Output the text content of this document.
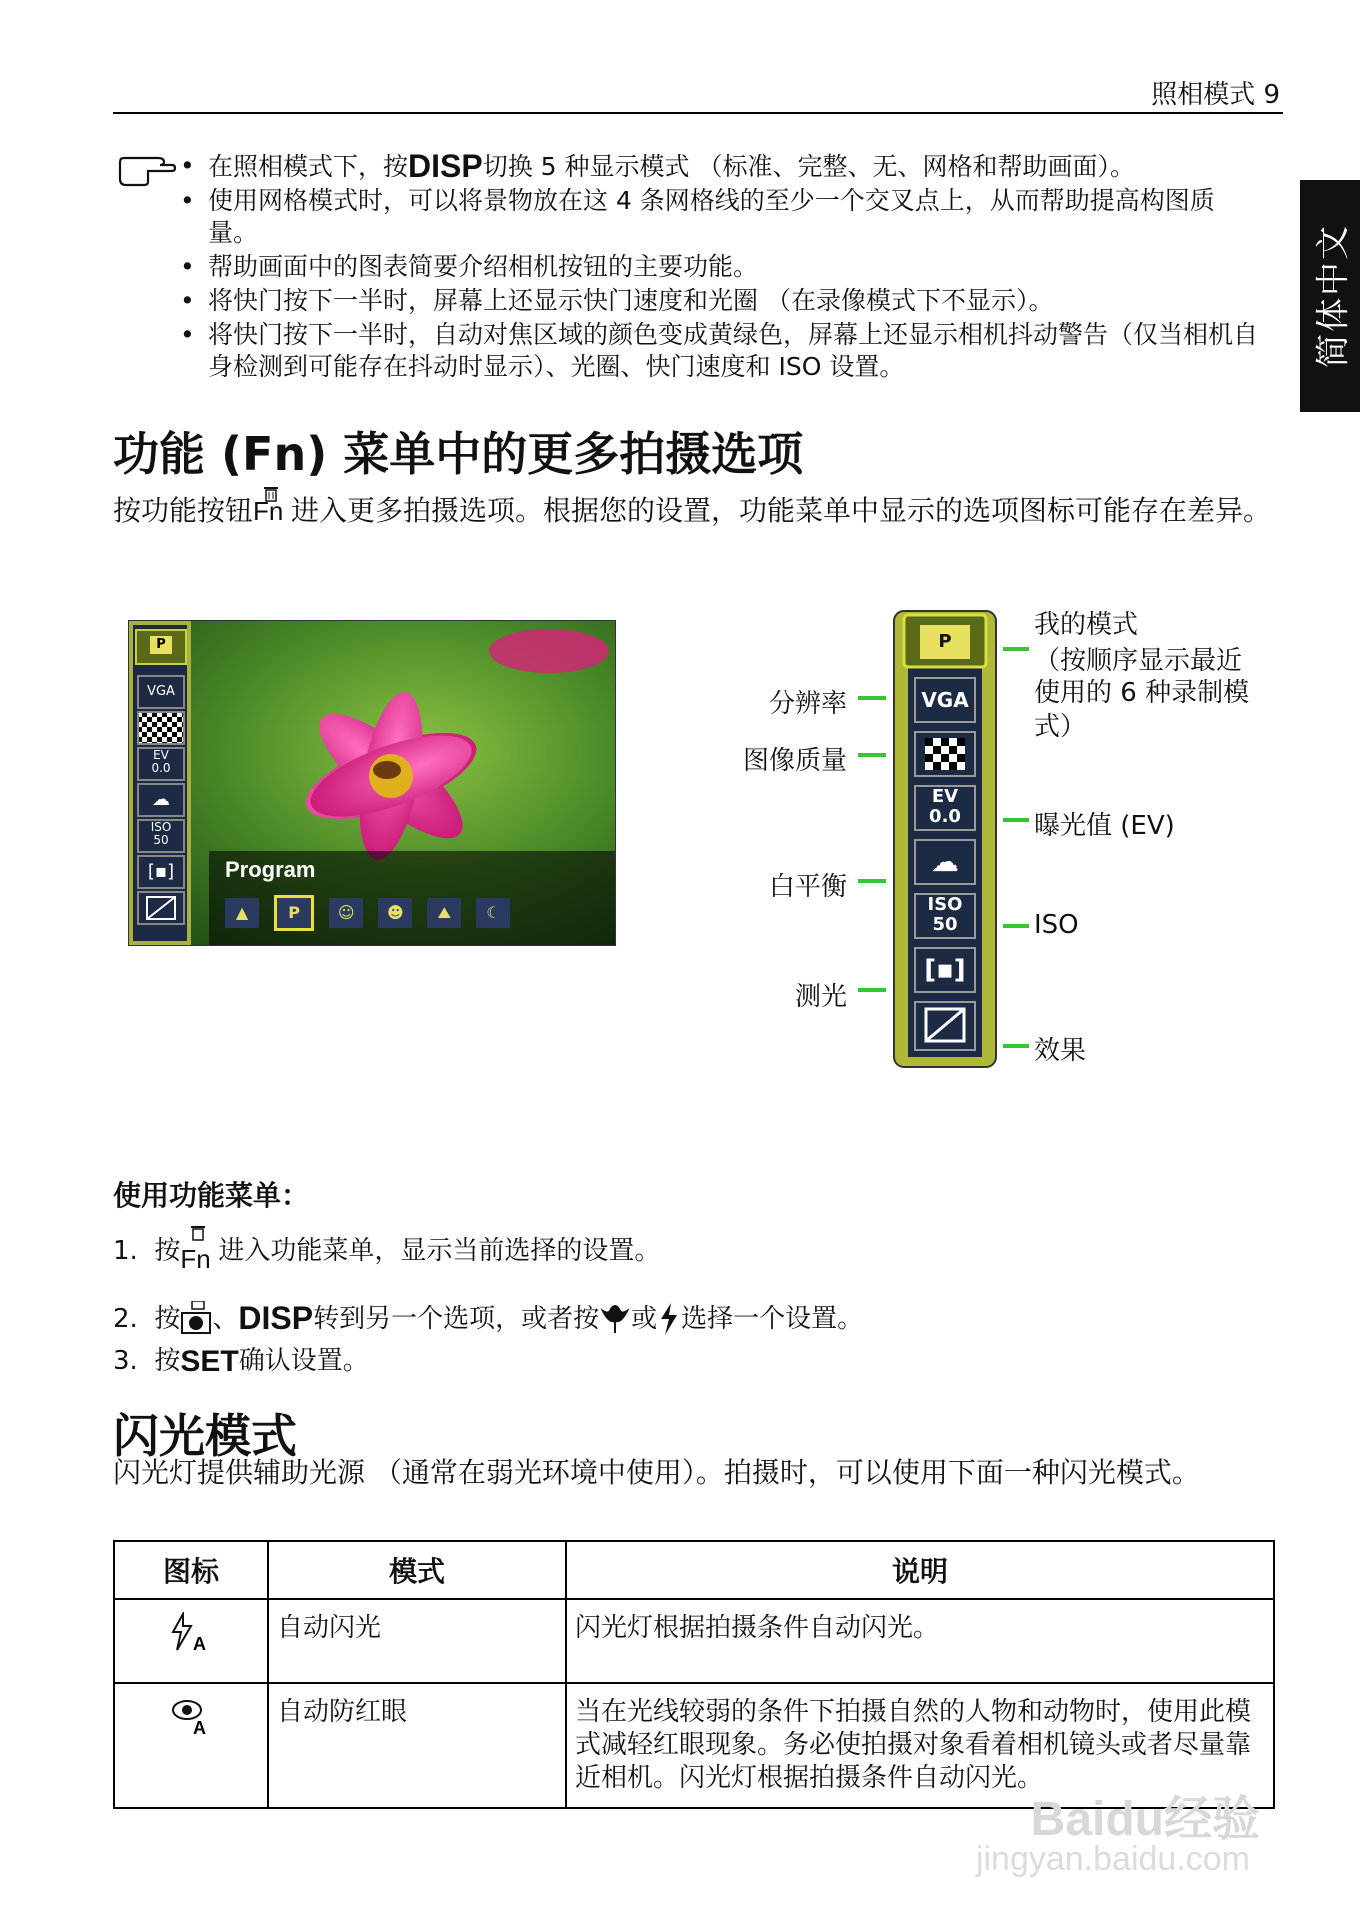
照相模式 9
简体中文
• 在照相模式下，按DISP切换 5 种显示模式 （标准、完整、无、网格和帮助画面）。
• 使用网格模式时，可以将景物放在这 4 条网格线的至少一个交叉点上，从而帮助提高构图质量。
• 帮助画面中的图表简要介绍相机按钮的主要功能。
• 将快门按下一半时，屏幕上还显示快门速度和光圈 （在录像模式下不显示）。
• 将快门按下一半时，自动对焦区域的颜色变成黄绿色，屏幕上还显示相机抖动警告（仅当相机自身检测到可能存在抖动时显示）、光圈、快门速度和 ISO 设置。
功能 (Fn) 菜单中的更多拍摄选项
按功能按钮 Fn 进入更多拍摄选项。根据您的设置，功能菜单中显示的选项图标可能存在差异。
P
VGA
EV
0.0
☁
ISO
50
[▪]	Program
▲	P ☺ ☻ ⛰ ☾
P
VGA
EV
0.0
☁
ISO
50
[▪]
分辨率
图像质量
白平衡
测光
我的模式
（按顺序显示最近
使用的 6 种录制模
式）
曝光值 (EV)
ISO
效果
使用功能菜单：
1. 按 Fn 进入功能菜单，显示当前选择的设置。
2. 按 、DISP转到另一个选项，或者按 或 选择一个设置。
3. 按SET确认设置。
闪光模式
闪光灯提供辅助光源 （通常在弱光环境中使用）。拍摄时，可以使用下面一种闪光模式。
图标	模式	说明

A	自动闪光	闪光灯根据拍摄条件自动闪光。

A	自动防红眼	当在光线较弱的条件下拍摄自然的人物和动物时，使用此模式减轻红眼现象。务必使拍摄对象看着相机镜头或者尽量靠近相机。闪光灯根据拍摄条件自动闪光。
Baidu经验
jingyan.baidu.com
